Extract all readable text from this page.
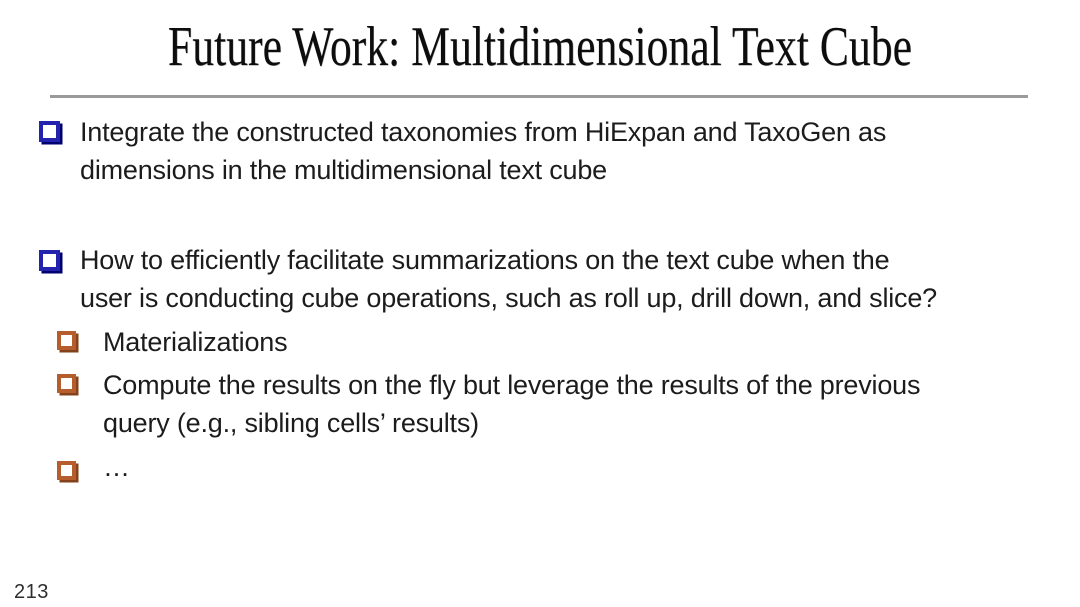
Future Work: Multidimensional Text Cube
Integrate the constructed taxonomies from HiExpan and TaxoGen as
dimensions in the multidimensional text cube
How to efficiently facilitate summarizations on the text cube when the
user is conducting cube operations, such as roll up, drill down, and slice?
Materializations
Compute the results on the fly but leverage the results of the previous
query (e.g., sibling cells’ results)
…
213
